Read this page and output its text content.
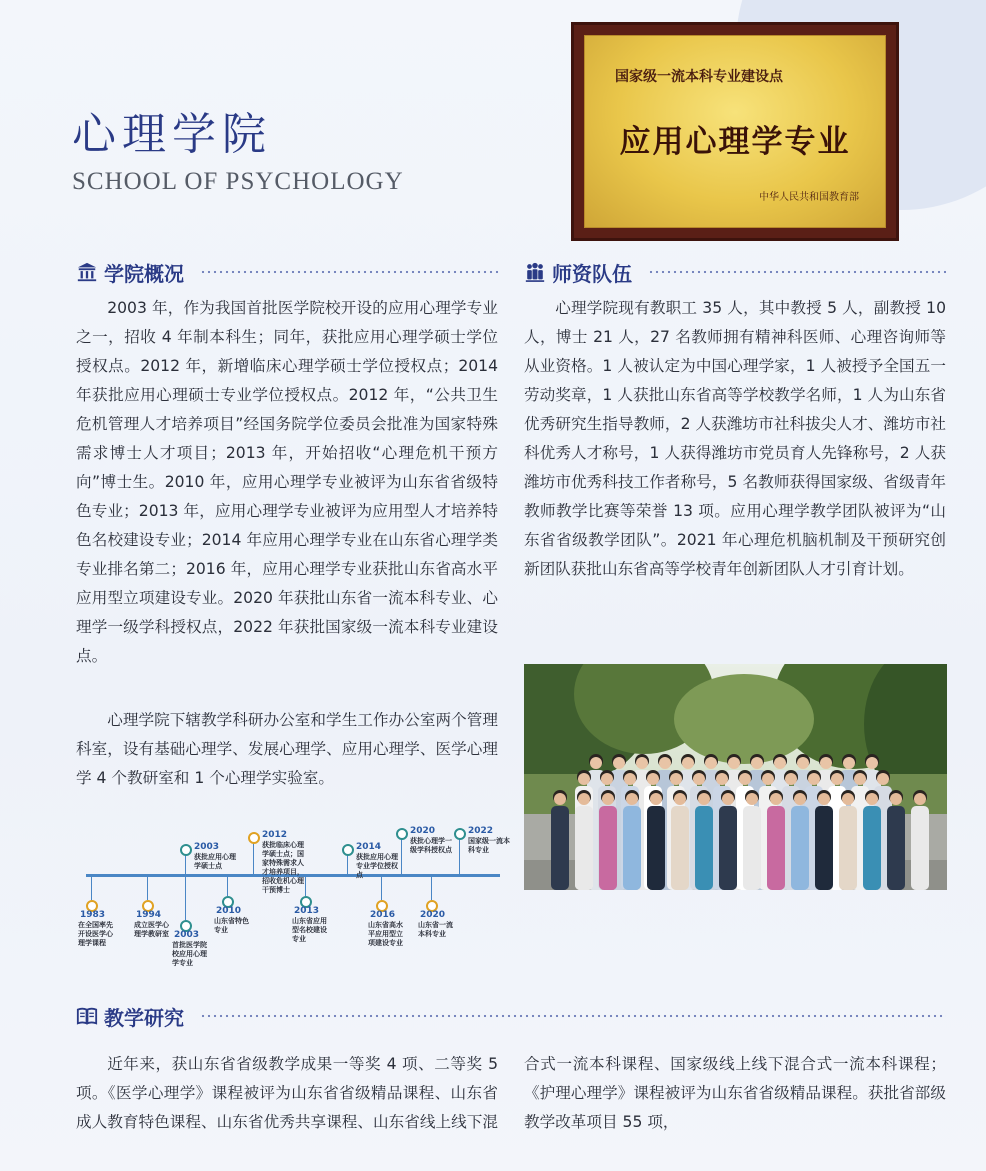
心理学院
SCHOOL OF PSYCHOLOGY
国家级一流本科专业建设点
应用心理学专业
中华人民共和国教育部
学院概况

2003 年，作为我国首批医学院校开设的应用心理学专业之一，招收 4 年制本科生；同年，获批应用心理学硕士学位授权点。2012 年，新增临床心理学硕士学位授权点；2014 年获批应用心理硕士专业学位授权点。2012 年，“公共卫生危机管理人才培养项目”经国务院学位委员会批准为国家特殊需求博士人才项目；2013 年，开始招收“心理危机干预方向”博士生。2010 年，应用心理学专业被评为山东省省级特色专业；2013 年，应用心理学专业被评为应用型人才培养特色名校建设专业；2014 年应用心理学专业在山东省心理学类专业排名第二；2016 年，应用心理学专业获批山东省高水平应用型立项建设专业。2020 年获批山东省一流本科专业、心理学一级学科授权点，2022 年获批国家级一流本科专业建设点。

心理学院下辖教学科研办公室和学生工作办公室两个管理科室，设有基础心理学、发展心理学、应用心理学、医学心理学 4 个教研室和 1 个心理学实验室。

1983
在全国率先开设医学心理学课程
1994
成立医学心理学教研室
2003
获批应用心理学硕士点
2003
首批医学院校应用心理学专业
2010
山东省特色专业
2012
获批临床心理学硕士点；国家特殊需求人才培养项目，招收危机心理干预博士
2013
山东省应用型名校建设专业
2014
获批应用心理专业学位授权点
2016
山东省高水平应用型立项建设专业
2020
获批心理学一级学科授权点
2020
山东省一流本科专业
2022
国家级一流本科专业
师资队伍

心理学院现有教职工 35 人，其中教授 5 人，副教授 10 人，博士 21 人，27 名教师拥有精神科医师、心理咨询师等从业资格。1 人被认定为中国心理学家，1 人被授予全国五一劳动奖章，1 人获批山东省高等学校教学名师，1 人为山东省优秀研究生指导教师，2 人获潍坊市社科拔尖人才、潍坊市社科优秀人才称号，1 人获得潍坊市党员育人先锋称号，2 人获潍坊市优秀科技工作者称号，5 名教师获得国家级、省级青年教师教学比赛等荣誉 13 项。应用心理学教学团队被评为“山东省省级教学团队”。2021 年心理危机脑机制及干预研究创新团队获批山东省高等学校青年创新团队人才引育计划。

教学研究
近年来，获山东省省级教学成果一等奖 4 项、二等奖 5 项。《医学心理学》课程被评为山东省省级精品课程、山东省成人教育特色课程、山东省优秀共享课程、山东省线上线下混合式一流本科课程、国家级线上线下混合式一流本科课程；《护理心理学》课程被评为山东省省级精品课程。获批省部级教学改革项目 55 项，
